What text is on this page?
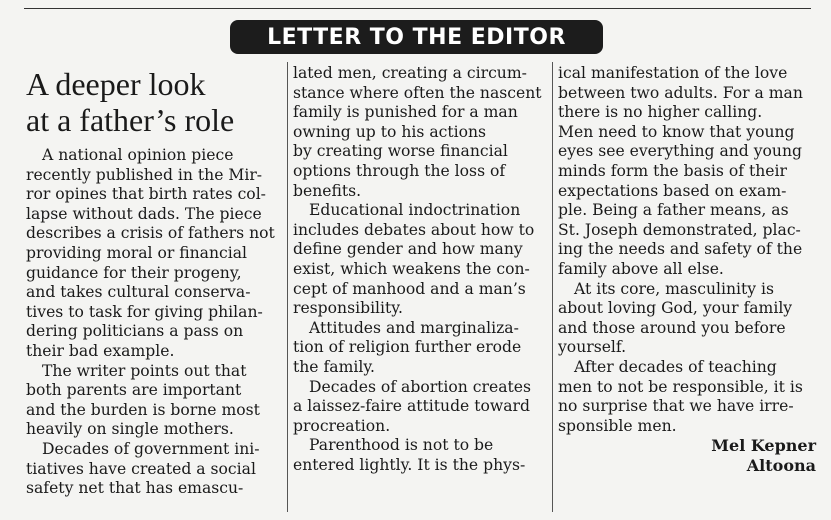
LETTER TO THE EDITOR
A deeper look
at a father’s role

A national opinion piece
recently published in the Mir-
ror opines that birth rates col-
lapse without dads. The piece
describes a crisis of fathers not
providing moral or financial
guidance for their progeny,
and takes cultural conserva-
tives to task for giving philan-
dering politicians a pass on
their bad example.

The writer points out that
both parents are important
and the burden is borne most
heavily on single mothers.

Decades of government ini-
tiatives have created a social
safety net that has emascu-

lated men, creating a circum-
stance where often the nascent
family is punished for a man
owning up to his actions
by creating worse financial
options through the loss of
benefits.

Educational indoctrination
includes debates about how to
define gender and how many
exist, which weakens the con-
cept of manhood and a man’s
responsibility.

Attitudes and marginaliza-
tion of religion further erode
the family.

Decades of abortion creates
a laissez-faire attitude toward
procreation.

Parenthood is not to be
entered lightly. It is the phys-

ical manifestation of the love
between two adults. For a man
there is no higher calling.
Men need to know that young
eyes see everything and young
minds form the basis of their
expectations based on exam-
ple. Being a father means, as
St. Joseph demonstrated, plac-
ing the needs and safety of the
family above all else.

At its core, masculinity is
about loving God, your family
and those around you before
yourself.

After decades of teaching
men to not be responsible, it is
no surprise that we have irre-
sponsible men.

Mel Kepner
Altoona
